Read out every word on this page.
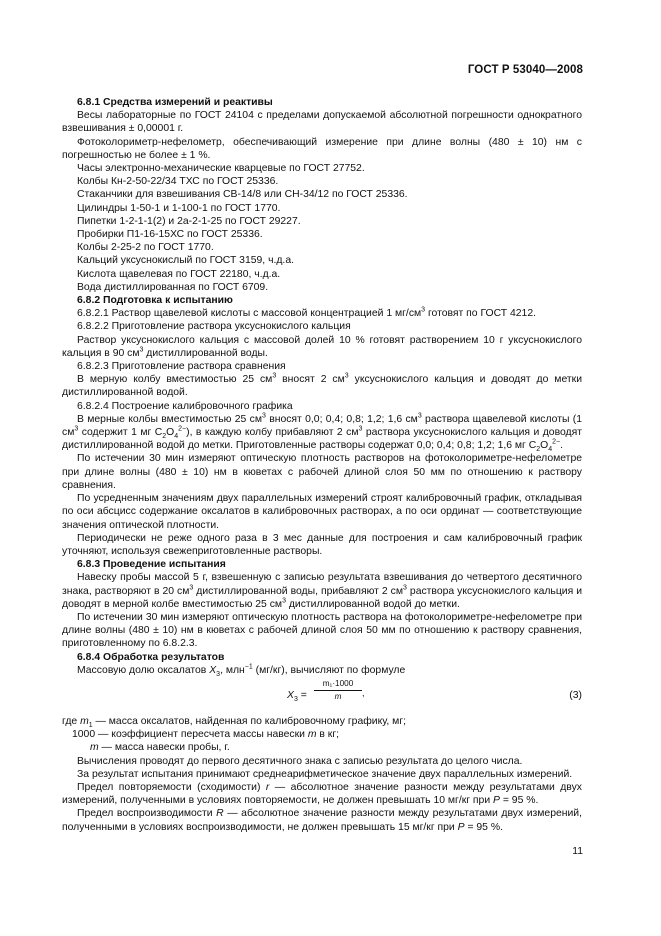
ГОСТ Р 53040—2008

6.8.1 Средства измерений и реактивы

Весы лабораторные по ГОСТ 24104 с пределами допускаемой абсолютной погрешности однократного взвешивания ± 0,00001 г.

Фотоколориметр-нефелометр, обеспечивающий измерение при длине волны (480 ± 10) нм с погрешностью не более ± 1 %.

Часы электронно-механические кварцевые по ГОСТ 27752.

Колбы Кн-2-50-22/34 ТХС по ГОСТ 25336.

Стаканчики для взвешивания СВ-14/8 или СН-34/12 по ГОСТ 25336.

Цилиндры 1-50-1 и 1-100-1 по ГОСТ 1770.

Пипетки 1-2-1-1(2) и 2а-2-1-25 по ГОСТ 29227.

Пробирки П1-16-15ХС по ГОСТ 25336.

Колбы 2-25-2 по ГОСТ 1770.

Кальций уксуснокислый по ГОСТ 3159, ч.д.а.

Кислота щавелевая по ГОСТ 22180, ч.д.а.

Вода дистиллированная по ГОСТ 6709.

6.8.2 Подготовка к испытанию

6.8.2.1 Раствор щавелевой кислоты с массовой концентрацией 1 $мг/см^3$ готовят по ГОСТ 4212.

6.8.2.2 Приготовление раствора уксуснокислого кальция

Раствор уксуснокислого кальция с массовой долей 10 % готовят растворением 10 г уксуснокислого кальция в 90 $см^3$ дистиллированной воды.

6.8.2.3 Приготовление раствора сравнения

В мерную колбу вместимостью 25 $см^3$ вносят 2 $см^3$ уксуснокислого кальция и доводят до метки дистиллированной водой.

6.8.2.4 Построение калибровочного графика

В мерные колбы вместимостью 25 $см^3$ вносят 0,0; 0,4; 0,8; 1,2; 1,6 $см^3$ раствора щавелевой кислоты (1 $см^3$ содержит 1 мг $C_2O_4^{2-}$), в каждую колбу прибавляют 2 $см^3$ раствора уксуснокислого кальция и доводят дистиллированной водой до метки. Приготовленные растворы содержат 0,0; 0,4; 0,8; 1,2; 1,6 мг $C_2O_4^{2-}$.

По истечении 30 мин измеряют оптическую плотность растворов на фотоколориметре-нефелометре при длине волны (480 ± 10) нм в кюветах с рабочей длиной слоя 50 мм по отношению к раствору сравнения.

По усредненным значениям двух параллельных измерений строят калибровочный график, откладывая по оси абсцисс содержание оксалатов в калибровочных растворах, а по оси ординат — соответствующие значения оптической плотности.

Периодически не реже одного раза в 3 мес данные для построения и сам калибровочный график уточняют, используя свежеприготовленные растворы.

6.8.3 Проведение испытания

Навеску пробы массой 5 г, взвешенную с записью результата взвешивания до четвертого десятичного знака, растворяют в 20 $см^3$ дистиллированной воды, прибавляют 2 $см^3$ раствора уксуснокислого кальция и доводят в мерной колбе вместимостью 25 $см^3$ дистиллированной водой до метки.

По истечении 30 мин измеряют оптическую плотность раствора на фотоколориметре-нефелометре при длине волны (480 ± 10) нм в кюветах с рабочей длиной слоя 50 мм по отношению к раствору сравнения, приготовленному по 6.8.2.3.

6.8.4 Обработка результатов

Массовую долю оксалатов $X_3$, млн$^{-1}$ (мг/кг), вычисляют по формуле

$X_3 = \frac{\text{m₁·1000}}{m}$ ,	(3)

где $m_1$ — масса оксалатов, найденная по калибровочному графику, мг;

1000 — коэффициент пересчета массы навески m в кг;

m — масса навески пробы, г.

Вычисления проводят до первого десятичного знака с записью результата до целого числа.

За результат испытания принимают среднеарифметическое значение двух параллельных измерений.

Предел повторяемости (сходимости) r — абсолютное значение разности между результатами двух измерений, полученными в условиях повторяемости, не должен превышать 10 мг/кг при P = 95 %.

Предел воспроизводимости R — абсолютное значение разности между результатами двух измерений, полученными в условиях воспроизводимости, не должен превышать 15 мг/кг при P = 95 %.

11
